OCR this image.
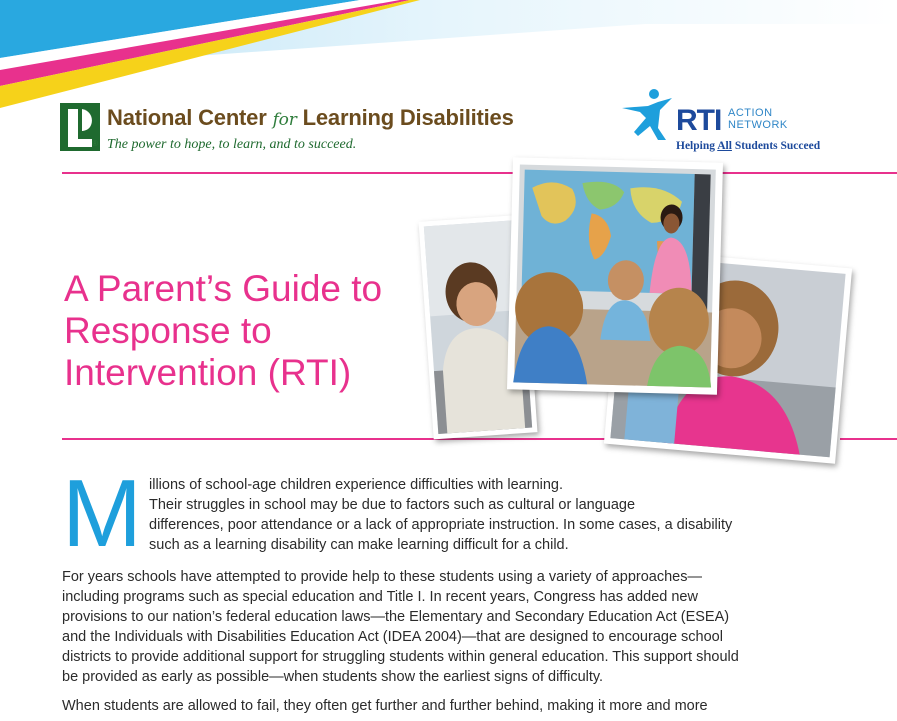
®
National Center for Learning Disabilities
The power to hope, to learn, and to succeed.
RTI ACTION
NETWORK
Helping All Students Succeed
A Parent’s Guide to
Response to
Intervention (RTI)
M illions of school-age children experience difficulties with learning.
Their struggles in school may be due to factors such as cultural or language
differences, poor attendance or a lack of appropriate instruction. In some cases, a disability
such as a learning disability can make learning difficult for a child.
For years schools have attempted to provide help to these students using a variety of approaches—
including programs such as special education and Title I. In recent years, Congress has added new
provisions to our nation’s federal education laws—the Elementary and Secondary Education Act (ESEA)
and the Individuals with Disabilities Education Act (IDEA 2004)—that are designed to encourage school
districts to provide additional support for struggling students within general education. This support should
be provided as early as possible—when students show the earliest signs of difficulty.
When students are allowed to fail, they often get further and further behind, making it more and more
